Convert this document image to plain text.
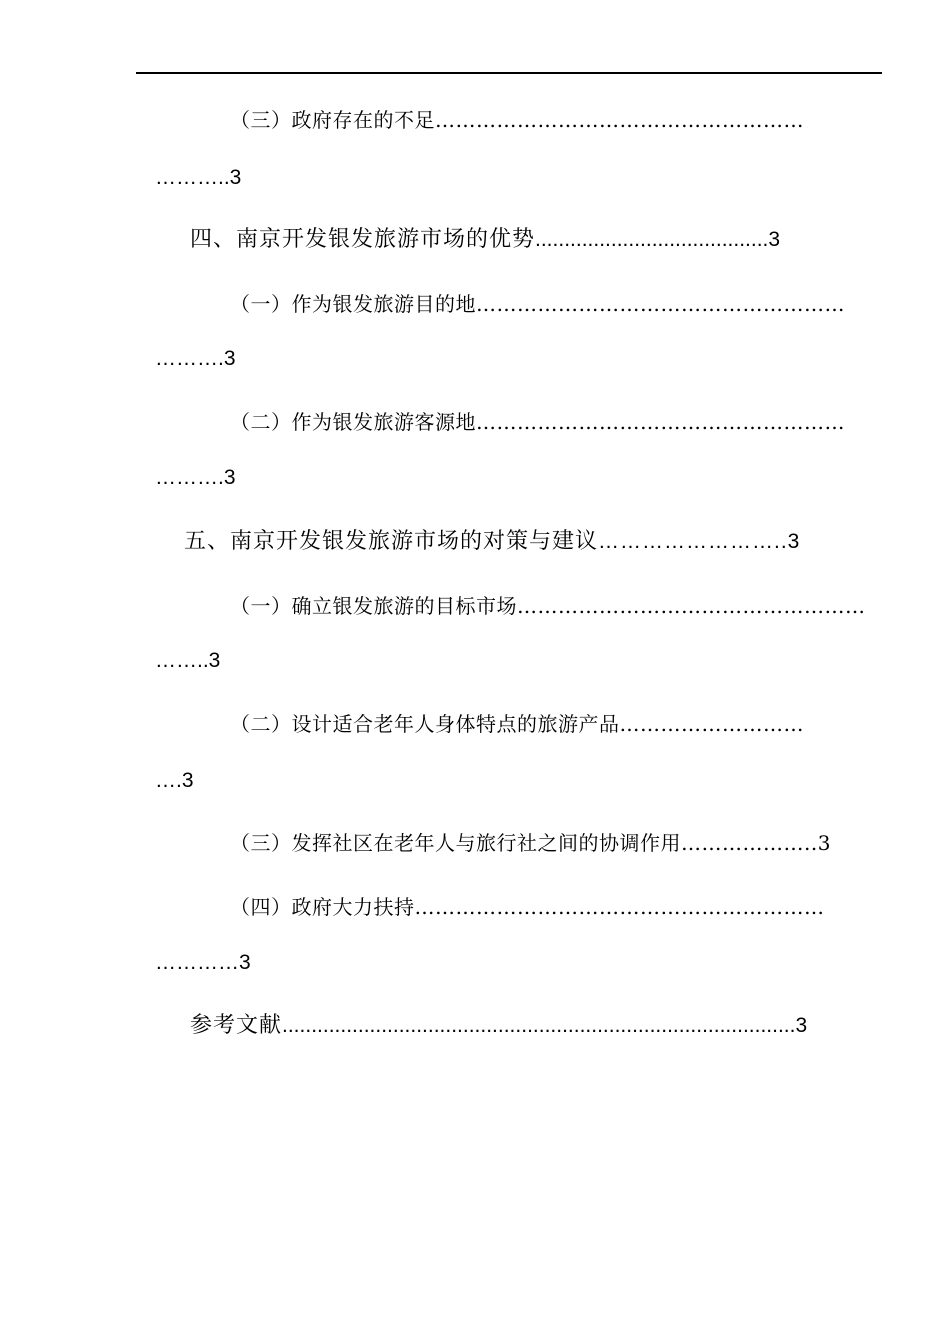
（三）政府存在的不足………………………………………………
………..3
四、南京开发银发旅游市场的优势........................................3
（一）作为银发旅游目的地………………………………………………
……….3
（二）作为银发旅游客源地………………………………………………
……….3
五、南京开发银发旅游市场的对策与建议……………………..3
（一）确立银发旅游的目标市场……………………………………………
……..3
（二）设计适合老年人身体特点的旅游产品………………………
….3
（三）发挥社区在老年人与旅行社之间的协调作用………………..3
（四）政府大力扶持……………………………………………………
…………3
参考文献........................................................................................3
